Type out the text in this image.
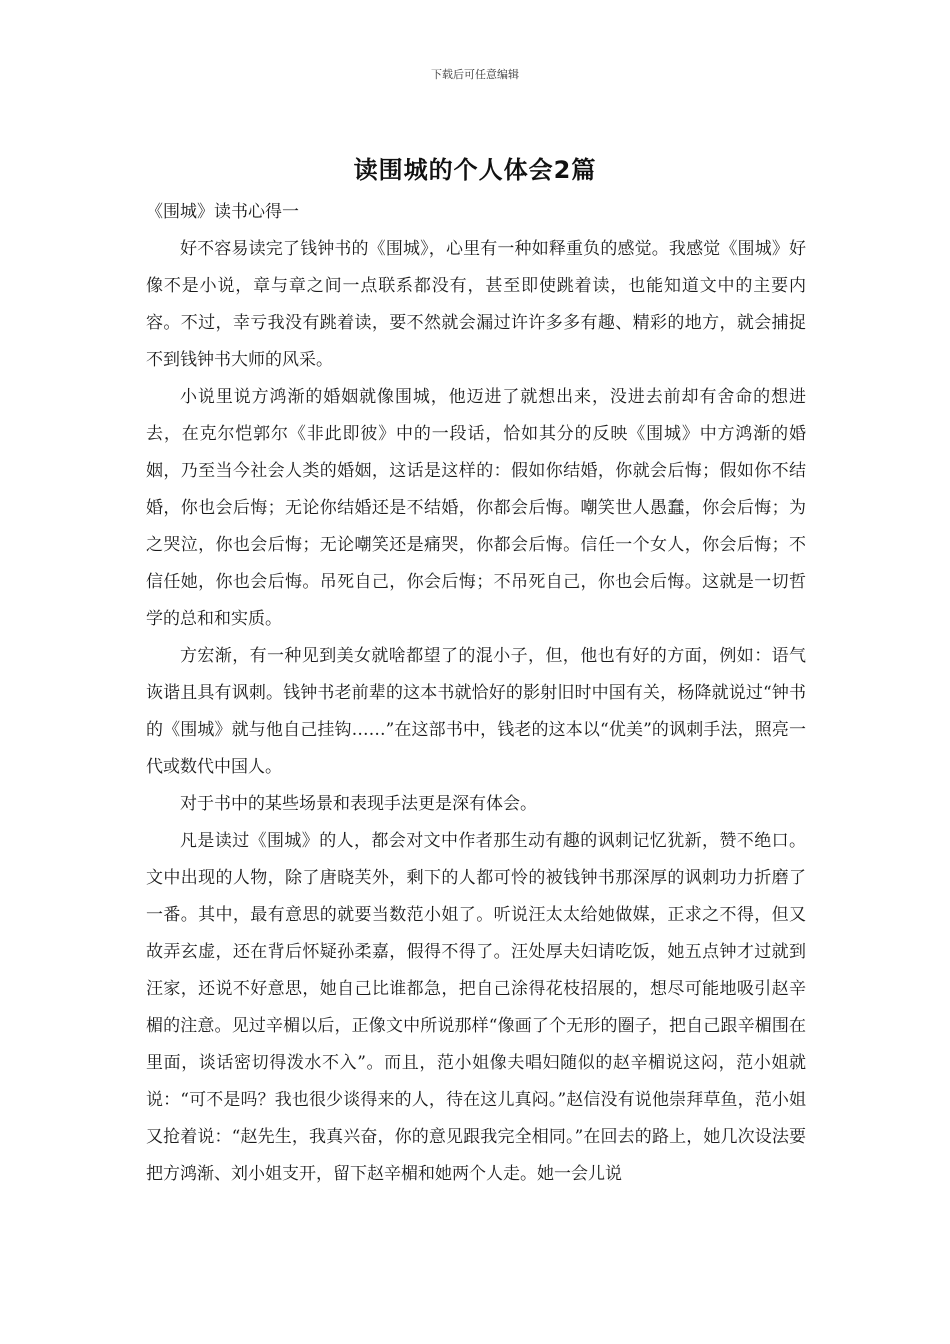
下载后可任意编辑
读围城的个人体会2篇

《围城》读书心得一

好不容易读完了钱钟书的《围城》，心里有一种如释重负的感觉。我感觉《围城》好像不是小说，章与章之间一点联系都没有，甚至即使跳着读，也能知道文中的主要内容。不过，幸亏我没有跳着读，要不然就会漏过许许多多有趣、精彩的地方，就会捕捉不到钱钟书大师的风采。

小说里说方鸿渐的婚姻就像围城，他迈进了就想出来，没进去前却有舍命的想进去，在克尔恺郭尔《非此即彼》中的一段话，恰如其分的反映《围城》中方鸿渐的婚姻，乃至当今社会人类的婚姻，这话是这样的：假如你结婚，你就会后悔；假如你不结婚，你也会后悔；无论你结婚还是不结婚，你都会后悔。嘲笑世人愚蠢，你会后悔；为之哭泣，你也会后悔；无论嘲笑还是痛哭，你都会后悔。信任一个女人，你会后悔；不信任她，你也会后悔。吊死自己，你会后悔；不吊死自己，你也会后悔。这就是一切哲学的总和和实质。

方宏渐，有一种见到美女就啥都望了的混小子，但，他也有好的方面，例如：语气诙谐且具有讽刺。钱钟书老前辈的这本书就恰好的影射旧时中国有关，杨降就说过“钟书的《围城》就与他自己挂钩……”在这部书中，钱老的这本以“优美”的讽刺手法，照亮一代或数代中国人。

对于书中的某些场景和表现手法更是深有体会。

凡是读过《围城》的人，都会对文中作者那生动有趣的讽刺记忆犹新，赞不绝口。文中出现的人物，除了唐晓芙外，剩下的人都可怜的被钱钟书那深厚的讽刺功力折磨了一番。其中，最有意思的就要当数范小姐了。听说汪太太给她做媒，正求之不得，但又故弄玄虚，还在背后怀疑孙柔嘉，假得不得了。汪处厚夫妇请吃饭，她五点钟才过就到汪家，还说不好意思，她自己比谁都急，把自己涂得花枝招展的，想尽可能地吸引赵辛楣的注意。见过辛楣以后，正像文中所说那样“像画了个无形的圈子，把自己跟辛楣围在里面，谈话密切得泼水不入”。而且，范小姐像夫唱妇随似的赵辛楣说这闷，范小姐就说：“可不是吗？我也很少谈得来的人，待在这儿真闷。”赵信没有说他崇拜草鱼，范小姐又抢着说：“赵先生，我真兴奋，你的意见跟我完全相同。”在回去的路上，她几次设法要把方鸿渐、刘小姐支开，留下赵辛楣和她两个人走。她一会儿说
